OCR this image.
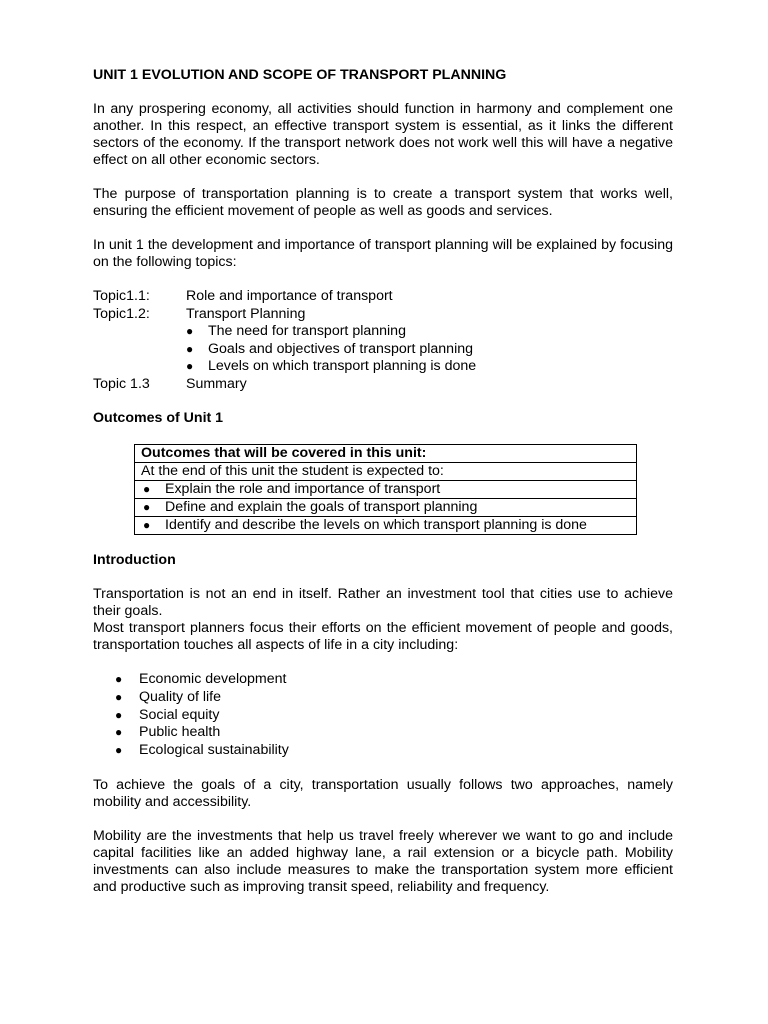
UNIT 1 EVOLUTION AND SCOPE OF TRANSPORT PLANNING

In any prospering economy, all activities should function in harmony and complement one another. In this respect, an effective transport system is essential, as it links the different sectors of the economy. If the transport network does not work well this will have a negative effect on all other economic sectors.

The purpose of transportation planning is to create a transport system that works well, ensuring the efficient movement of people as well as goods and services.

In unit 1 the development and importance of transport planning will be explained by focusing on the following topics:

Topic1.1:	Role and importance of transport
Topic1.2:	Transport Planning
●	The need for transport planning
●	Goals and objectives of transport planning
●	Levels on which transport planning is done
Topic 1.3	Summary

Outcomes of Unit 1

Outcomes that will be covered in this unit:
At the end of this unit the student is expected to:

●	Explain the role and importance of transport

●	Define and explain the goals of transport planning

●	Identify and describe the levels on which transport planning is done

Introduction

Transportation is not an end in itself. Rather an investment tool that cities use to achieve their goals.

Most transport planners focus their efforts on the efficient movement of people and goods, transportation touches all aspects of life in a city including:

●	Economic development
●	Quality of life
●	Social equity
●	Public health
●	Ecological sustainability

To achieve the goals of a city, transportation usually follows two approaches, namely mobility and accessibility.

Mobility are the investments that help us travel freely wherever we want to go and include capital facilities like an added highway lane, a rail extension or a bicycle path. Mobility investments can also include measures to make the transportation system more efficient and productive such as improving transit speed, reliability and frequency.
